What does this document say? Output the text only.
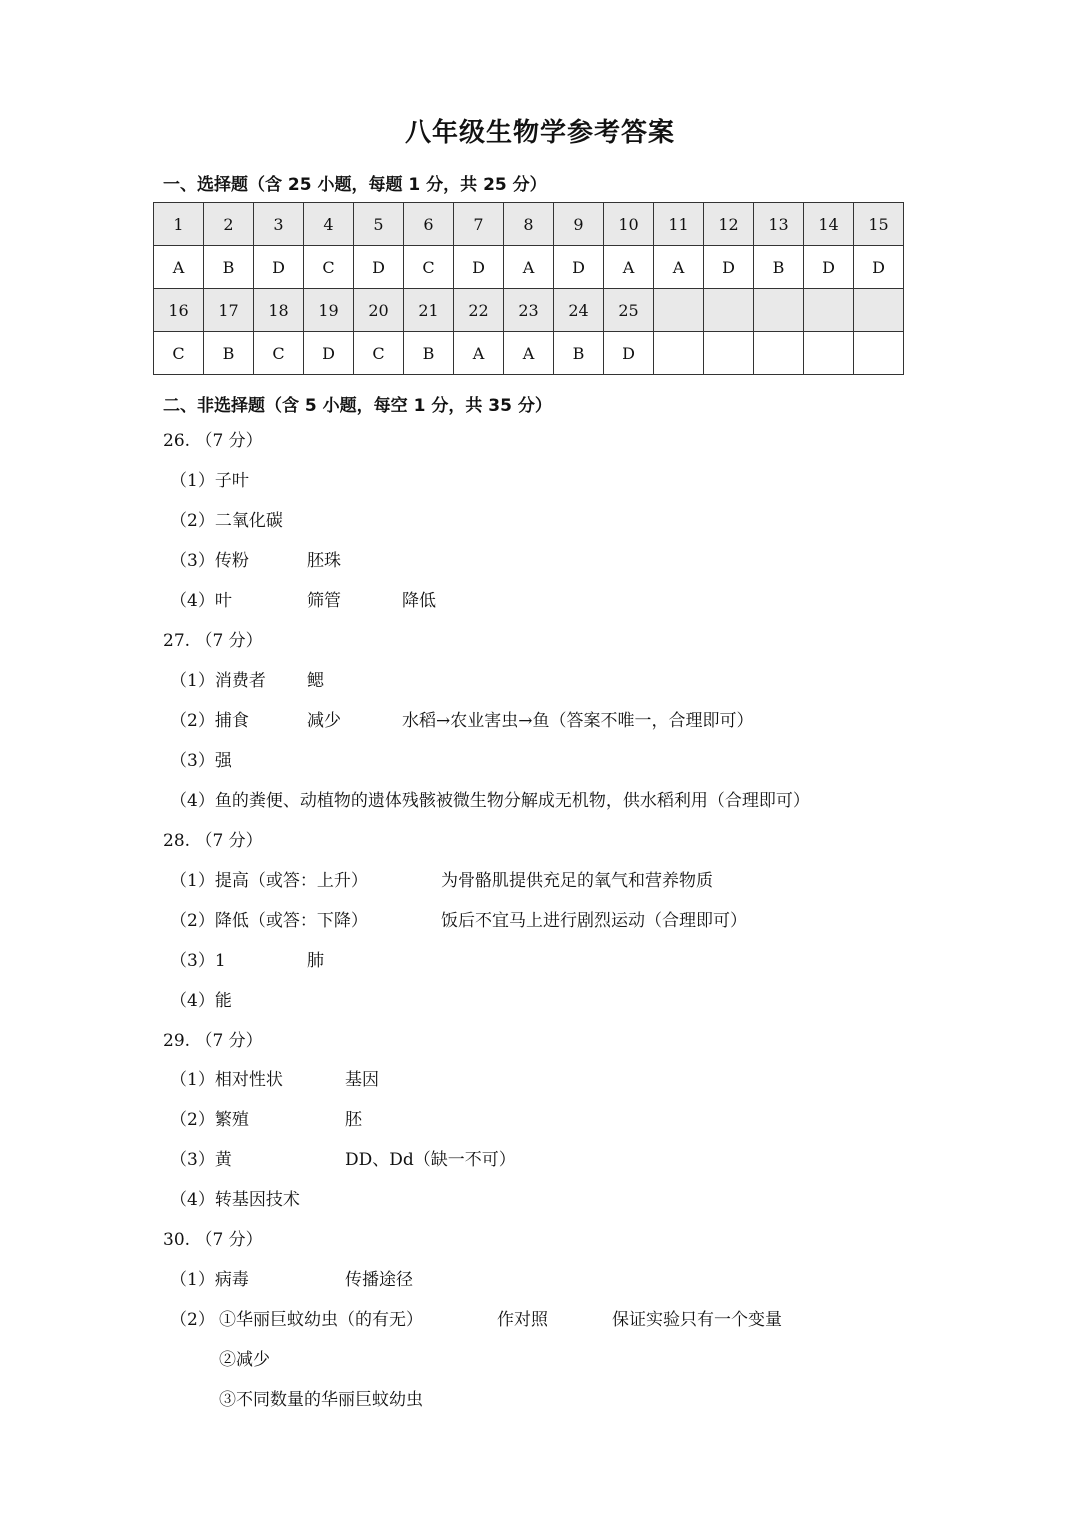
八年级生物学参考答案
一、选择题（含 25 小题，每题 1 分，共 25 分）
1	2	3	4	5	6	7	8	9	10	11	12	13	14	15
A	B	D	C	D	C	D	A	D	A	A	D	B	D	D
16	17	18	19	20	21	22	23	24	25					
C	B	C	D	C	B	A	A	B	D					
二、非选择题（含 5 小题，每空 1 分，共 35 分）
26. （7 分）
（1）子叶
（2）二氧化碳
（3）传粉	胚珠
（4）叶	筛管	降低
27. （7 分）
（1）消费者 鳃
（2）捕食	减少	水稻→农业害虫→鱼（答案不唯一，合理即可）
（3）强
（4）鱼的粪便、动植物的遗体残骸被微生物分解成无机物，供水稻利用（合理即可）
28. （7 分）
（1）提高（或答：上升）	为骨骼肌提供充足的氧气和营养物质
（2）降低（或答：下降）	饭后不宜马上进行剧烈运动（合理即可）
（3）1	肺
（4）能
29. （7 分）
（1）相对性状	基因
（2）繁殖	胚
（3）黄	DD、Dd（缺一不可）
（4）转基因技术
30. （7 分）
（1）病毒	传播途径
（2） ①华丽巨蚊幼虫（的有无）	作对照	保证实验只有一个变量
②减少
③不同数量的华丽巨蚊幼虫
